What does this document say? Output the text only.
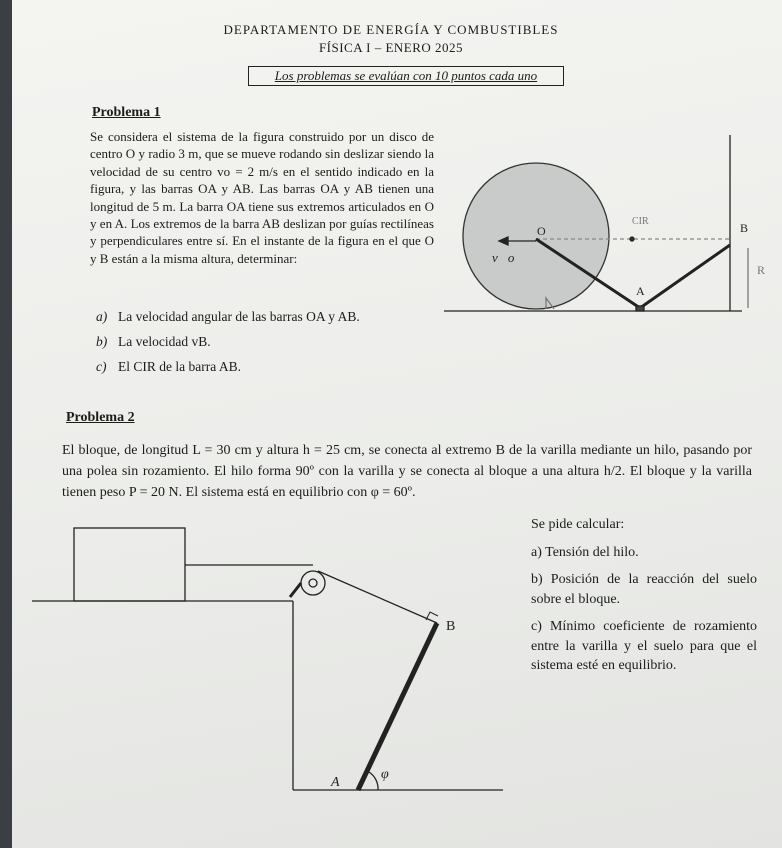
DEPARTAMENTO DE ENERGÍA Y COMBUSTIBLES
FÍSICA I – ENERO 2025
Los problemas se evalúan con 10 puntos cada uno
Problema 1
Se considera el sistema de la figura construido por un disco de centro O y radio 3 m, que se mueve rodando sin deslizar siendo la velocidad de su centro vo = 2 m/s en el sentido indicado en la figura, y las barras OA y AB. Las barras OA y AB tienen una longitud de 5 m. La barra OA tiene sus extremos articulados en O y en A. Los extremos de la barra AB deslizan por guías rectilíneas y perpendiculares entre sí. En el instante de la figura en el que O y B están a la misma altura, determinar:
a) La velocidad angular de las barras OA y AB.
b) La velocidad vB.
c) El CIR de la barra AB.
Problema 2
El bloque, de longitud L = 30 cm y altura h = 25 cm, se conecta al extremo B de la varilla mediante un hilo, pasando por una polea sin rozamiento. El hilo forma 90º con la varilla y se conecta al bloque a una altura h/2. El bloque y la varilla tienen peso P = 20 N. El sistema está en equilibrio con φ = 60º.
Se pide calcular:
a) Tensión del hilo.
b) Posición de la reacción del suelo sobre el bloque.
c) Mínimo coeficiente de rozamiento entre la varilla y el suelo para que el sistema esté en equilibrio.
O	B
A
v⃗o
CIR
R
B
A
φ
